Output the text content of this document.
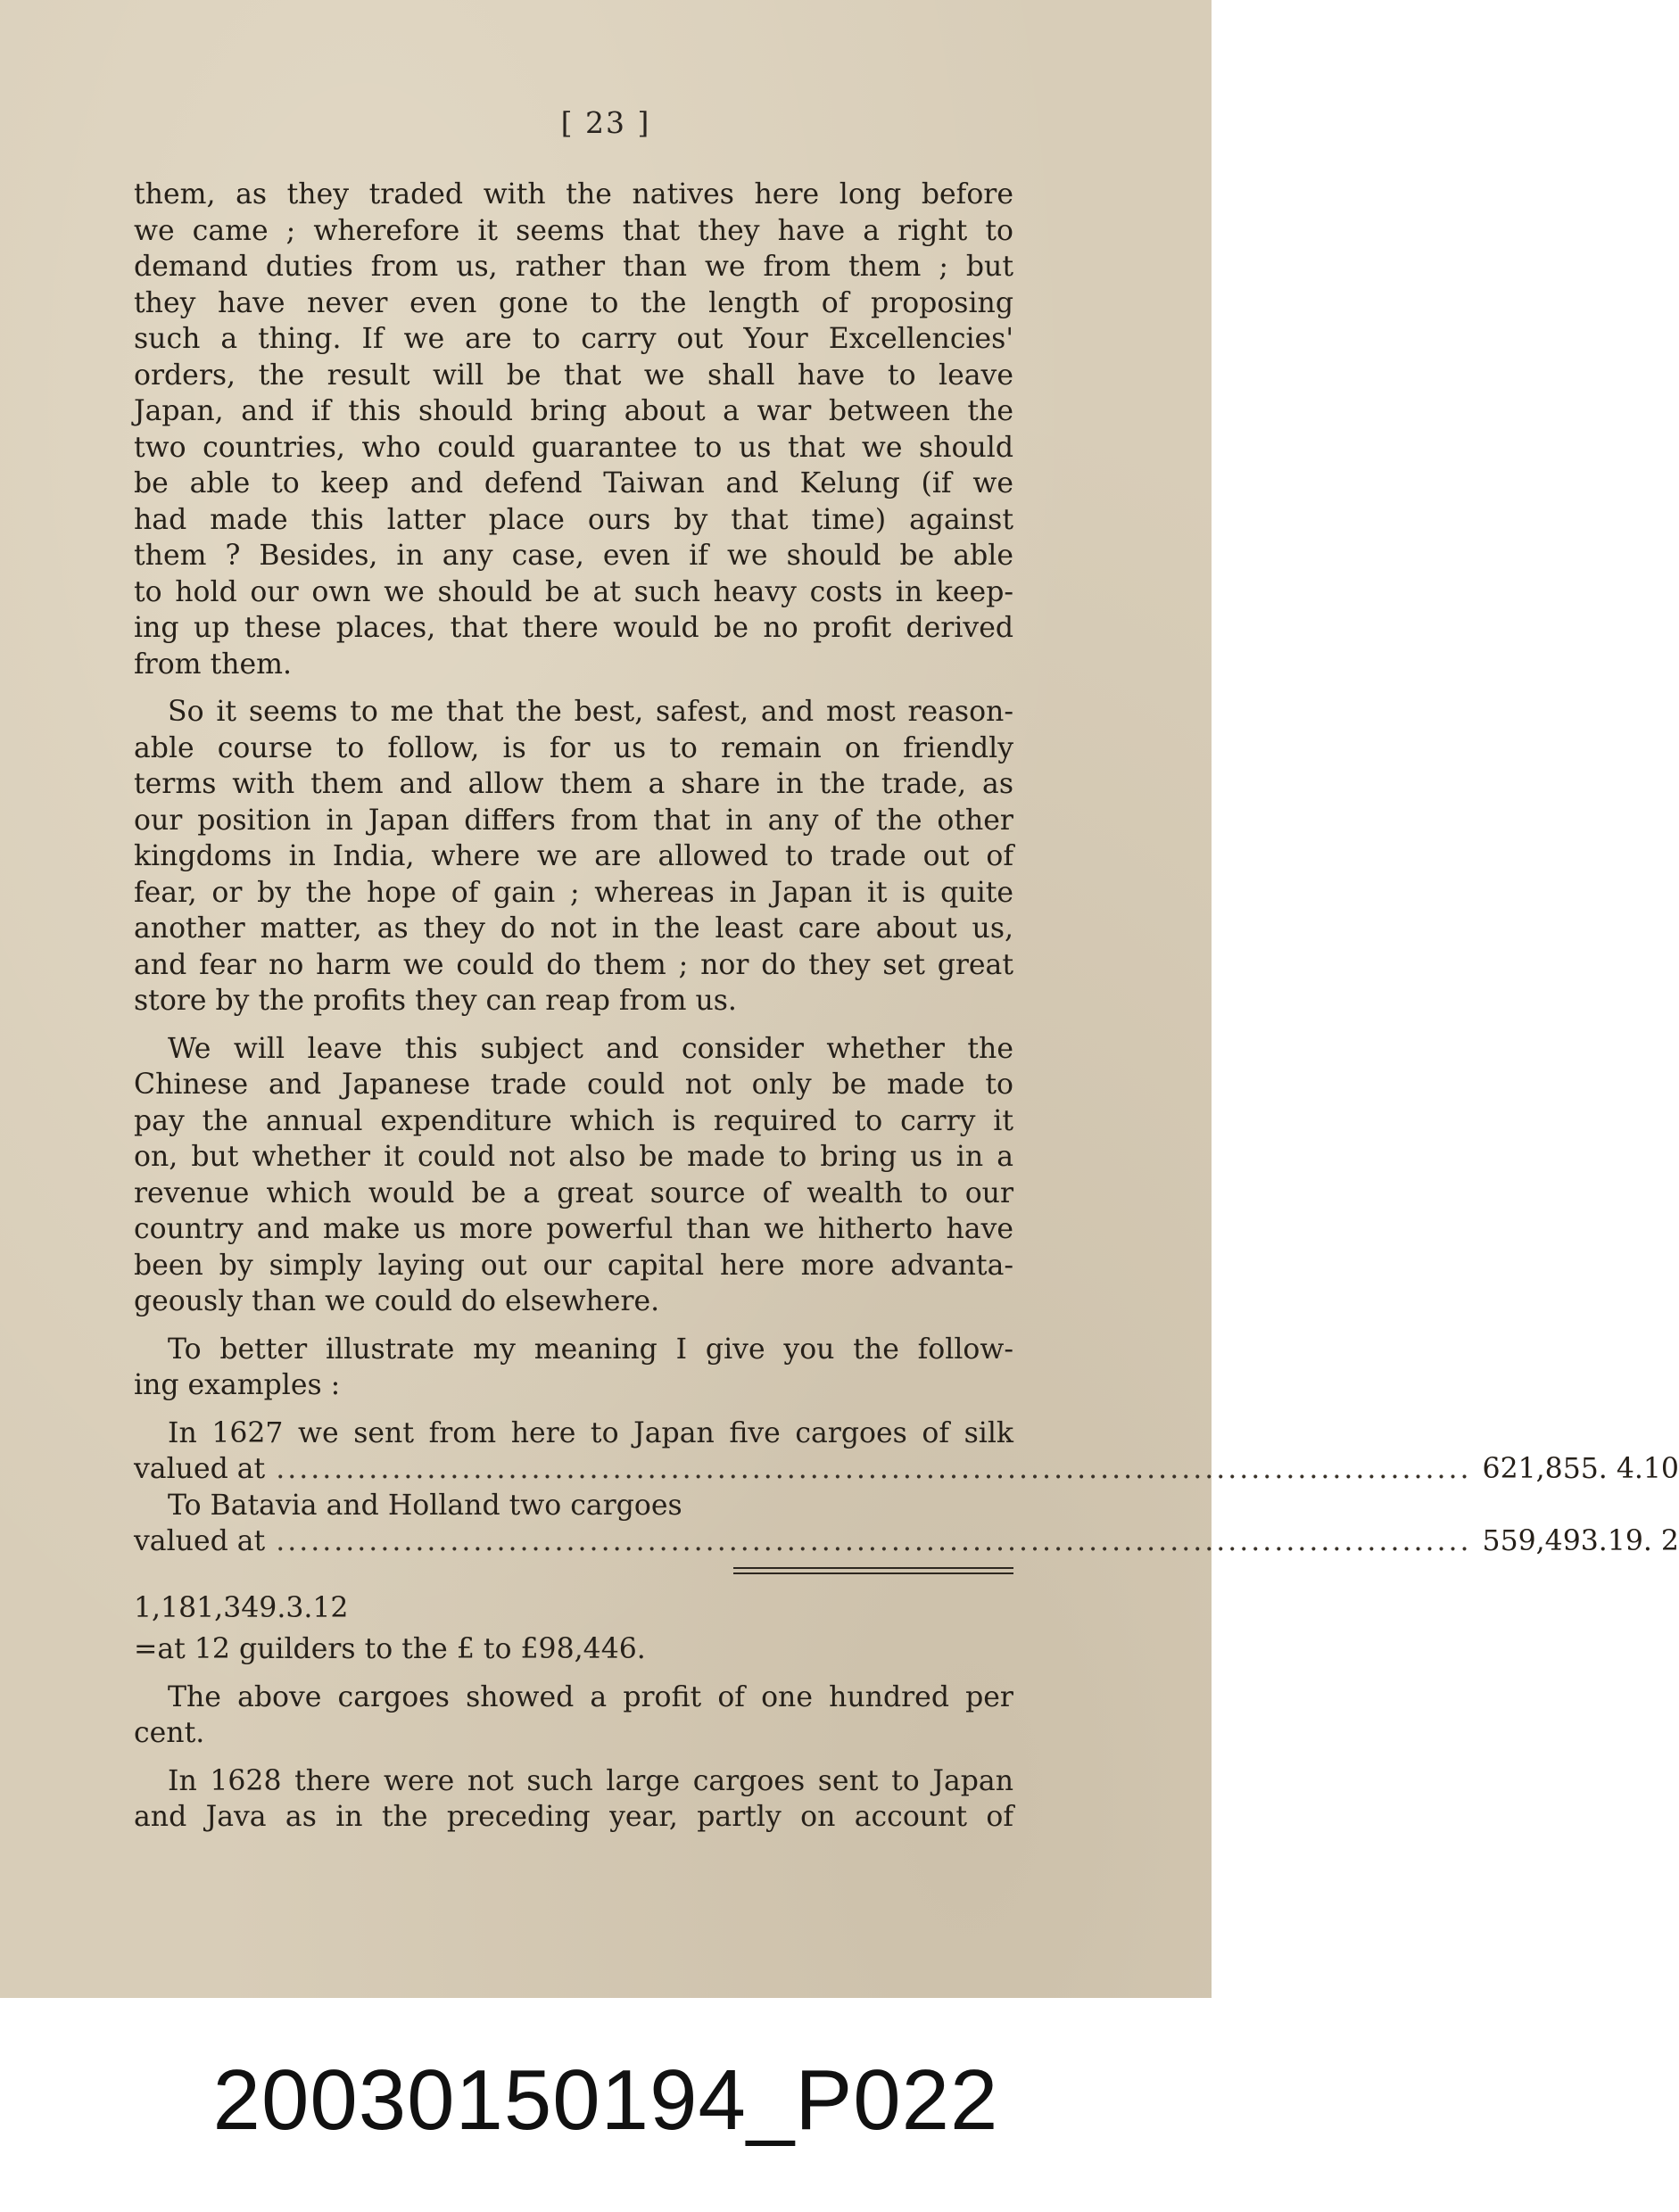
[ 23 ]
them, as they traded with the natives here long before
we came ; wherefore it seems that they have a right to
demand duties from us, rather than we from them ; but
they have never even gone to the length of proposing
such a thing. If we are to carry out Your Excellencies'
orders, the result will be that we shall have to leave
Japan, and if this should bring about a war between the
two countries, who could guarantee to us that we should
be able to keep and defend Taiwan and Kelung (if we
had made this latter place ours by that time) against
them ? Besides, in any case, even if we should be able
to hold our own we should be at such heavy costs in keep-
ing up these places, that there would be no profit derived
from them.
So it seems to me that the best, safest, and most reason-
able course to follow, is for us to remain on friendly
terms with them and allow them a share in the trade, as
our position in Japan differs from that in any of the other
kingdoms in India, where we are allowed to trade out of
fear, or by the hope of gain ; whereas in Japan it is quite
another matter, as they do not in the least care about us,
and fear no harm we could do them ; nor do they set great
store by the profits they can reap from us.
We will leave this subject and consider whether the
Chinese and Japanese trade could not only be made to
pay the annual expenditure which is required to carry it
on, but whether it could not also be made to bring us in a
revenue which would be a great source of wealth to our
country and make us more powerful than we hitherto have
been by simply laying out our capital here more advanta-
geously than we could do elsewhere.
To better illustrate my meaning I give you the follow-
ing examples :
In 1627 we sent from here to Japan five cargoes of silk
valued at ....................................................................................................... 621,855. 4.10
To Batavia and Holland two cargoes
valued at ....................................................................................................... 559,493.19. 2
1,181,349.3.12
=at 12 guilders to the £ to £98,446.
The above cargoes showed a profit of one hundred per
cent.
In 1628 there were not such large cargoes sent to Japan
and Java as in the preceding year, partly on account of
20030150194_P022
